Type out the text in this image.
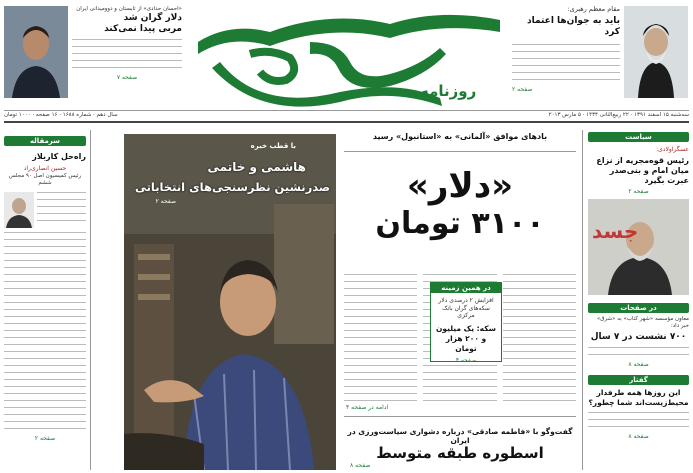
مقام معظم رهبری:
باید به جوان‌ها اعتماد کرد
صفحه ۲
روزنامه
«احسان حدادی» از تابستان و دوومیدانی ایران
دلار گران شد
مربی پیدا نمی‌کند
صفحه ۷
سه‌شنبه ۱۵ اسفند ۱۳۹۱ · ۲۲ ربیع‌الثانی ۱۴۳۴ · ۵ مارس ۲۰۱۳
سال دهم · شماره ۱۶۸۸ · ۱۶ صفحه · ۱۰۰۰ تومان
سرمقاله
راه‌حل کاربلاز
حسین انصاری‌راد
رئیس کمیسیون اصل ۹۰ مجلس ششم
صفحه ۲
با قطب خبره
هاشمی و خاتمی
صدرنشین نظرسنجی‌های انتخاباتی
صفحه ۲
بادهای موافق «آلمانی» به «استانبول» رسید
«دلار»
۳۱۰۰ تومان
در همین زمینه
افزایش ۲ درصدی دلار سکه‌های گران بانک مرکزی
سکه: یک میلیون و ۲۰۰ هزار تومان
صفحه ۴
ادامه در صفحه ۴
گفت‌وگو با «فاطمه صادقی» درباره دشواری سیاست‌ورزی در ایران
اسطوره طبقه متوسط
صفحه ۸
سیاست
عسگراولادی:
رئیس قوه‌مجریه از نزاع میان امام و بنی‌صدر عبرت بگیرد
صفحه ۲
جسد
در صفحات
معاون مؤسسه «شهر کتاب» به «شرق» خبر داد:
۷۰۰ نشست در ۷ سال
صفحه ۸
گفتار
این روزها همه طرفدار محیط‌زیست‌اند شما چطور؟
صفحه ۸
